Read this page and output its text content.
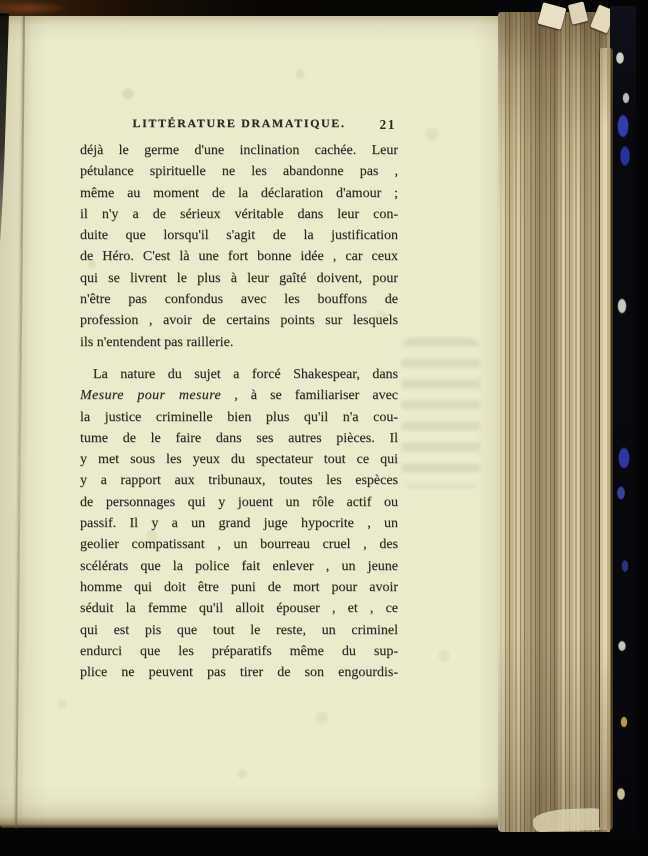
LITTÉRATURE DRAMATIQUE.	21
déjà le germe d'une inclination cachée. Leur
pétulance spirituelle ne les abandonne pas ,
même au moment de la déclaration d'amour ;
il n'y a de sérieux véritable dans leur con-
duite que lorsqu'il s'agit de la justification
de Héro. C'est là une fort bonne idée , car ceux
qui se livrent le plus à leur gaîté doivent, pour
n'être pas confondus avec les bouffons de
profession , avoir de certains points sur lesquels
ils n'entendent pas raillerie.
La nature du sujet a forcé Shakespear, dans
Mesure pour mesure , à se familiariser avec
la justice criminelle bien plus qu'il n'a cou-
tume de le faire dans ses autres pièces. Il
y met sous les yeux du spectateur tout ce qui
y a rapport aux tribunaux, toutes les espèces
de personnages qui y jouent un rôle actif ou
passif. Il y a un grand juge hypocrite , un
geolier compatissant , un bourreau cruel , des
scélérats que la police fait enlever , un jeune
homme qui doit être puni de mort pour avoir
séduit la femme qu'il alloit épouser , et , ce
qui est pis que tout le reste, un criminel
endurci que les préparatifs même du sup-
plice ne peuvent pas tirer de son engourdis-
